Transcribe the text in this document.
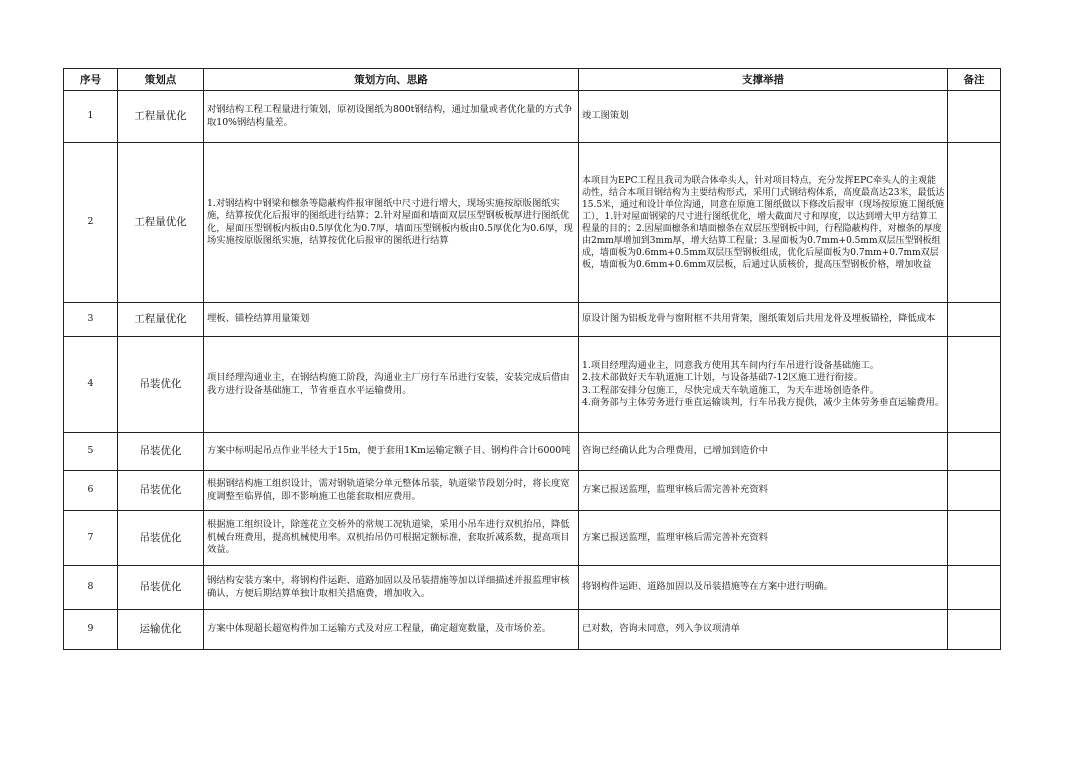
序号	策划点	策划方向、思路	支撑举措	备注
1	工程量优化	对钢结构工程工程量进行策划，原初设图纸为800t钢结构，通过加量或者优化量的方式争取10%钢结构量差。	竣工图策划	
2	工程量优化	1.对钢结构中钢梁和檩条等隐蔽构件报审图纸中尺寸进行增大，现场实施按原版图纸实施，结算按优化后报审的图纸进行结算；2.针对屋面和墙面双层压型钢板板厚进行图纸优化，屋面压型钢板内板由0.5厚优化为0.7厚，墙面压型钢板内板由0.5厚优化为0.6厚，现场实施按原版图纸实施，结算按优化后报审的图纸进行结算	本项目为EPC工程且我司为联合体牵头人，针对项目特点，充分发挥EPC牵头人的主观能动性，结合本项目钢结构为主要结构形式，采用门式钢结构体系，高度最高达23米，最低达15.5米，通过和设计单位沟通，同意在原施工图纸做以下修改后报审（现场按原施工图纸施工），1.针对屋面钢梁的尺寸进行图纸优化，增大截面尺寸和厚度，以达到增大甲方结算工程量的目的；2.因屋面檩条和墙面檩条在双层压型钢板中间，行程隐蔽构件，对檩条的厚度由2mm厚增加到3mm厚，增大结算工程量；3.屋面板为0.7mm+0.5mm双层压型钢板组成，墙面板为0.6mm+0.5mm双层压型钢板组成，优化后屋面板为0.7mm+0.7mm双层板，墙面板为0.6mm+0.6mm双层板，后通过认质核价，提高压型钢板价格，增加收益	
3	工程量优化	埋板、锚栓结算用量策划	原设计图为铝板龙骨与窗附框不共用背架，图纸策划后共用龙骨及埋板锚栓，降低成本	
4	吊装优化	项目经理沟通业主，在钢结构施工阶段，沟通业主厂房行车吊进行安装，安装完成后借由我方进行设备基础施工，节省垂直水平运输费用。	1.项目经理沟通业主，同意我方使用其车间内行车吊进行设备基础施工。
2.技术部做好天车轨道施工计划，与设备基础7-12区施工进行衔接。
3.工程部安排分包施工，尽快完成天车轨道施工，为天车进场创造条件。
4.商务部与主体劳务进行垂直运输谈判，行车吊我方提供，减少主体劳务垂直运输费用。	
5	吊装优化	方案中标明起吊点作业半径大于15m，便于套用1Km运输定额子目、钢构件合计6000吨	咨询已经确认此为合理费用，已增加到造价中	
6	吊装优化	根据钢结构施工组织设计，需对钢轨道梁分单元整体吊装，轨道梁节段划分时，将长度宽度调整至临界值，即不影响施工也能套取相应费用。	方案已报送监理，监理审核后需完善补充资料	
7	吊装优化	根据施工组织设计，除莲花立交桥外的常规工况轨道梁，采用小吊车进行双机抬吊，降低机械台班费用，提高机械使用率。双机抬吊仍可根据定额标准，套取折减系数，提高项目效益。	方案已报送监理，监理审核后需完善补充资料	
8	吊装优化	钢结构安装方案中，将钢构件运距、道路加固以及吊装措施等加以详细描述并报监理审核确认，方便后期结算单独计取相关措施费，增加收入。	将钢构件运距、道路加固以及吊装措施等在方案中进行明确。	
9	运输优化	方案中体现超长超宽构件加工运输方式及对应工程量，确定超宽数量，及市场价差。	已对数，咨询未同意，列入争议项清单	
